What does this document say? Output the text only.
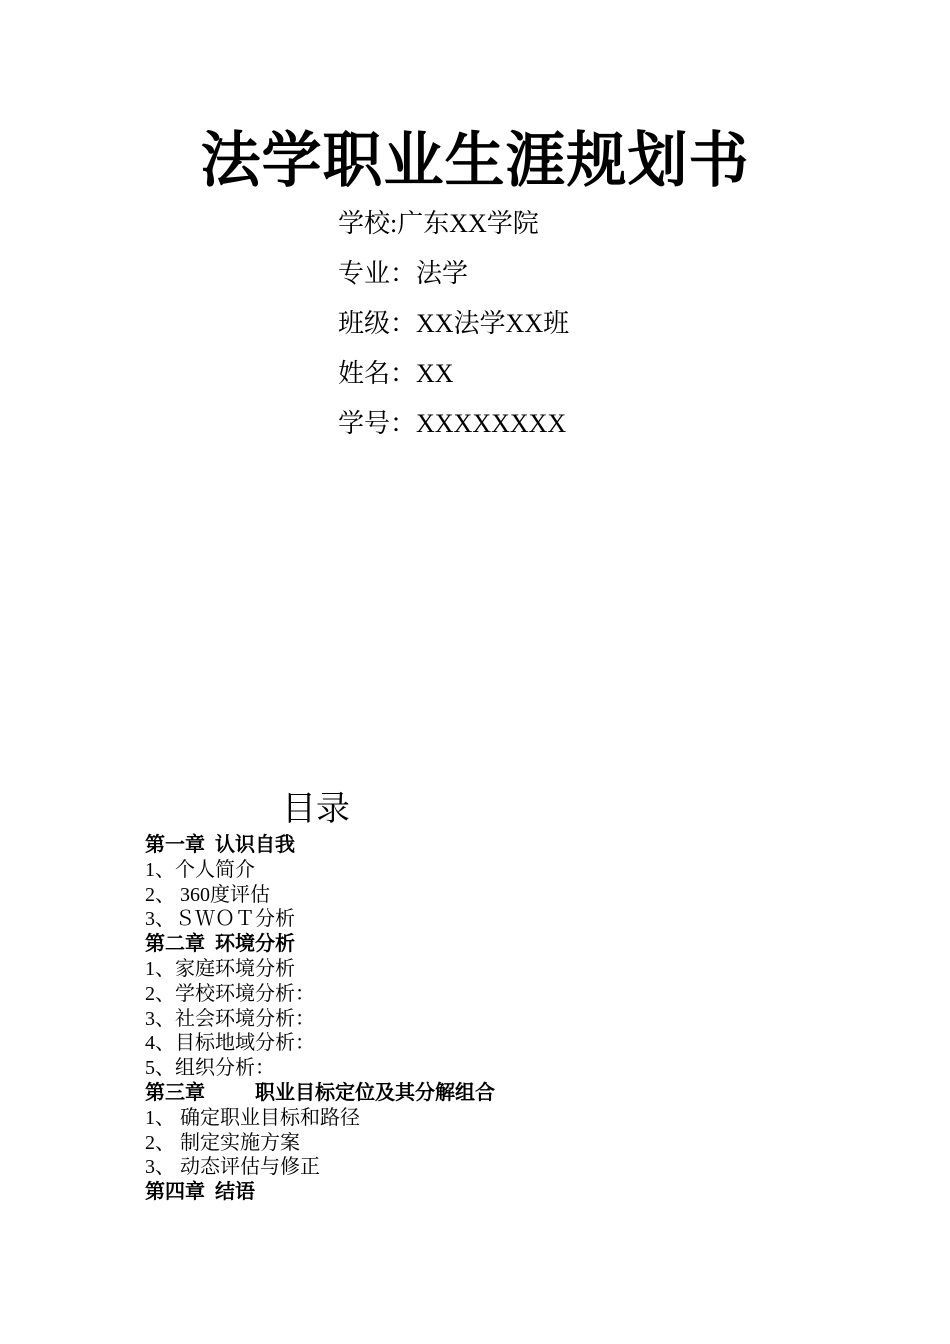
法学职业生涯规划书
学校:广东XX学院
专业：法学
班级：XX法学XX班
姓名：XX
学号：XXXXXXXX
目录
第一章  认识自我
1、个人简介
2、 360度评估
3、ＳＷＯＴ分析
第二章  环境分析
1、家庭环境分析
2、学校环境分析：
3、社会环境分析：
4、目标地域分析：
5、组织分析：
第三章          职业目标定位及其分解组合
1、 确定职业目标和路径
2、 制定实施方案
3、 动态评估与修正
第四章  结语
